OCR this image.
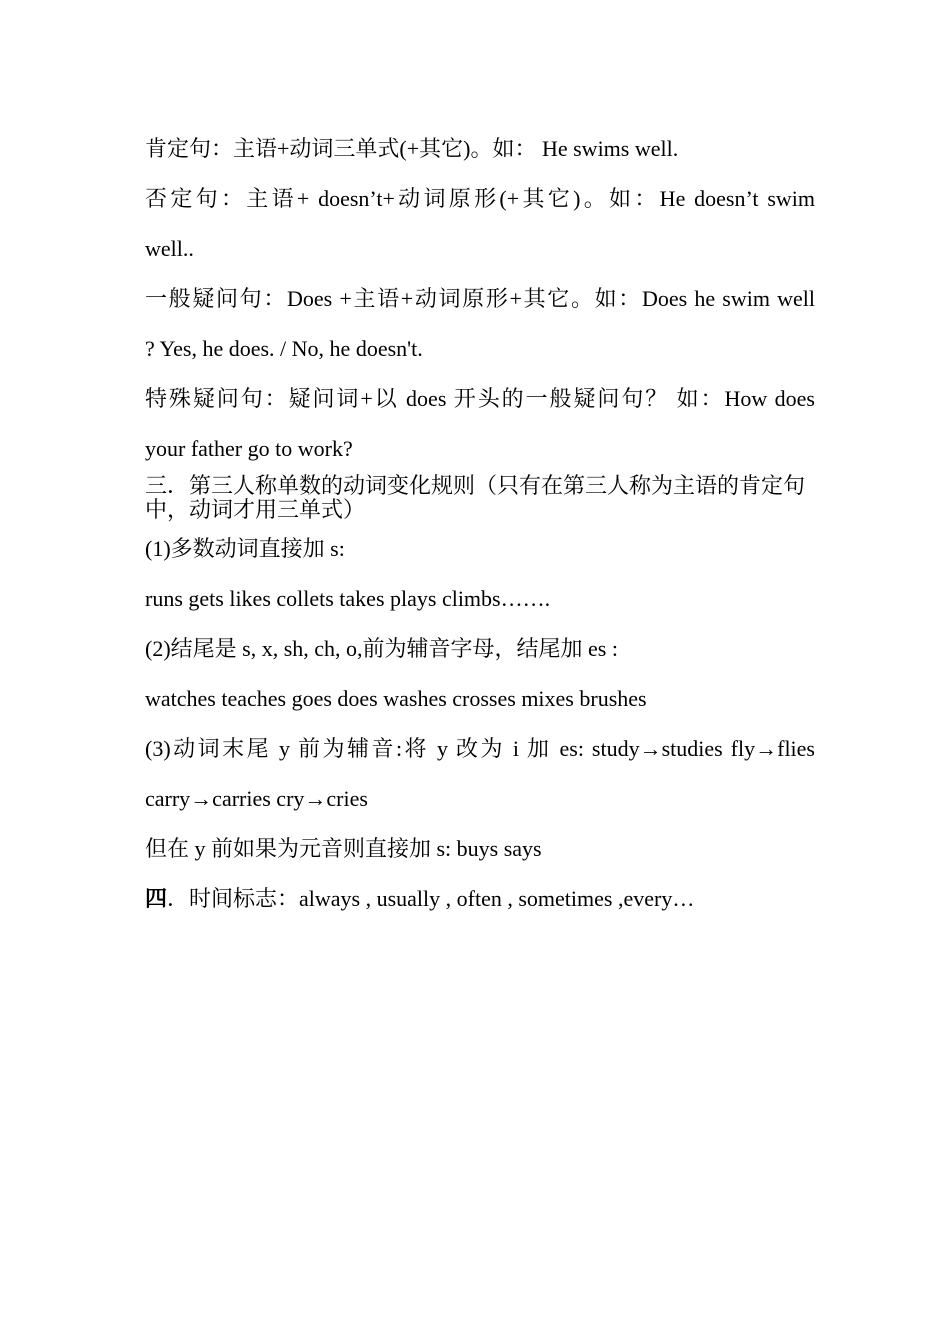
肯定句：主语+动词三单式(+其它)。如： He swims well.
否定句：主语+ doesn’t+动词原形(+其它)。如：He doesn’t swim
well..
一般疑问句：Does +主语+动词原形+其它。如：Does he swim well
? Yes, he does. / No, he doesn't.
特殊疑问句：疑问词+以 does 开头的一般疑问句？ 如：How does
your father go to work?
三．第三人称单数的动词变化规则（只有在第三人称为主语的肯定句中，动词才用三单式）
(1)多数动词直接加 s:
runs gets likes collets takes plays climbs…….
(2)结尾是 s, x, sh, ch, o,前为辅音字母，结尾加 es :
watches teaches goes does washes crosses mixes brushes
(3)动词末尾 y 前为辅音:将 y 改为 i 加 es: study→studies fly→flies
carry→carries cry→cries
但在 y 前如果为元音则直接加 s: buys says
四．时间标志：always , usually , often , sometimes ,every…
